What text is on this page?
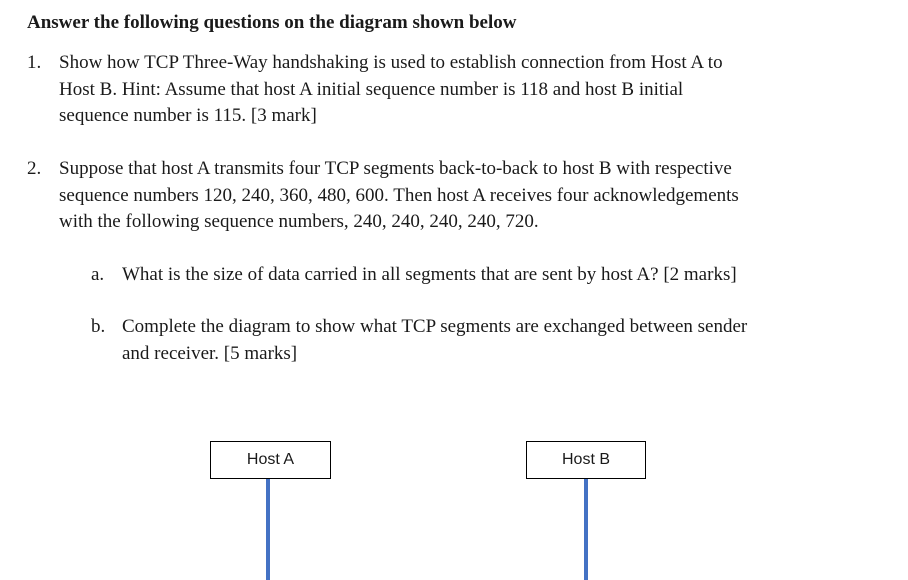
Answer the following questions on the diagram shown below
1. Show how TCP Three-Way handshaking is used to establish connection from Host A to
Host B. Hint: Assume that host A initial sequence number is 118 and host B initial
sequence number is 115. [3 mark]
2. Suppose that host A transmits four TCP segments back-to-back to host B with respective
sequence numbers 120, 240, 360, 480, 600. Then host A receives four acknowledgements
with the following sequence numbers, 240, 240, 240, 240, 720.
a. What is the size of data carried in all segments that are sent by host A? [2 marks]
b. Complete the diagram to show what TCP segments are exchanged between sender
and receiver. [5 marks]
Host A	Host B
